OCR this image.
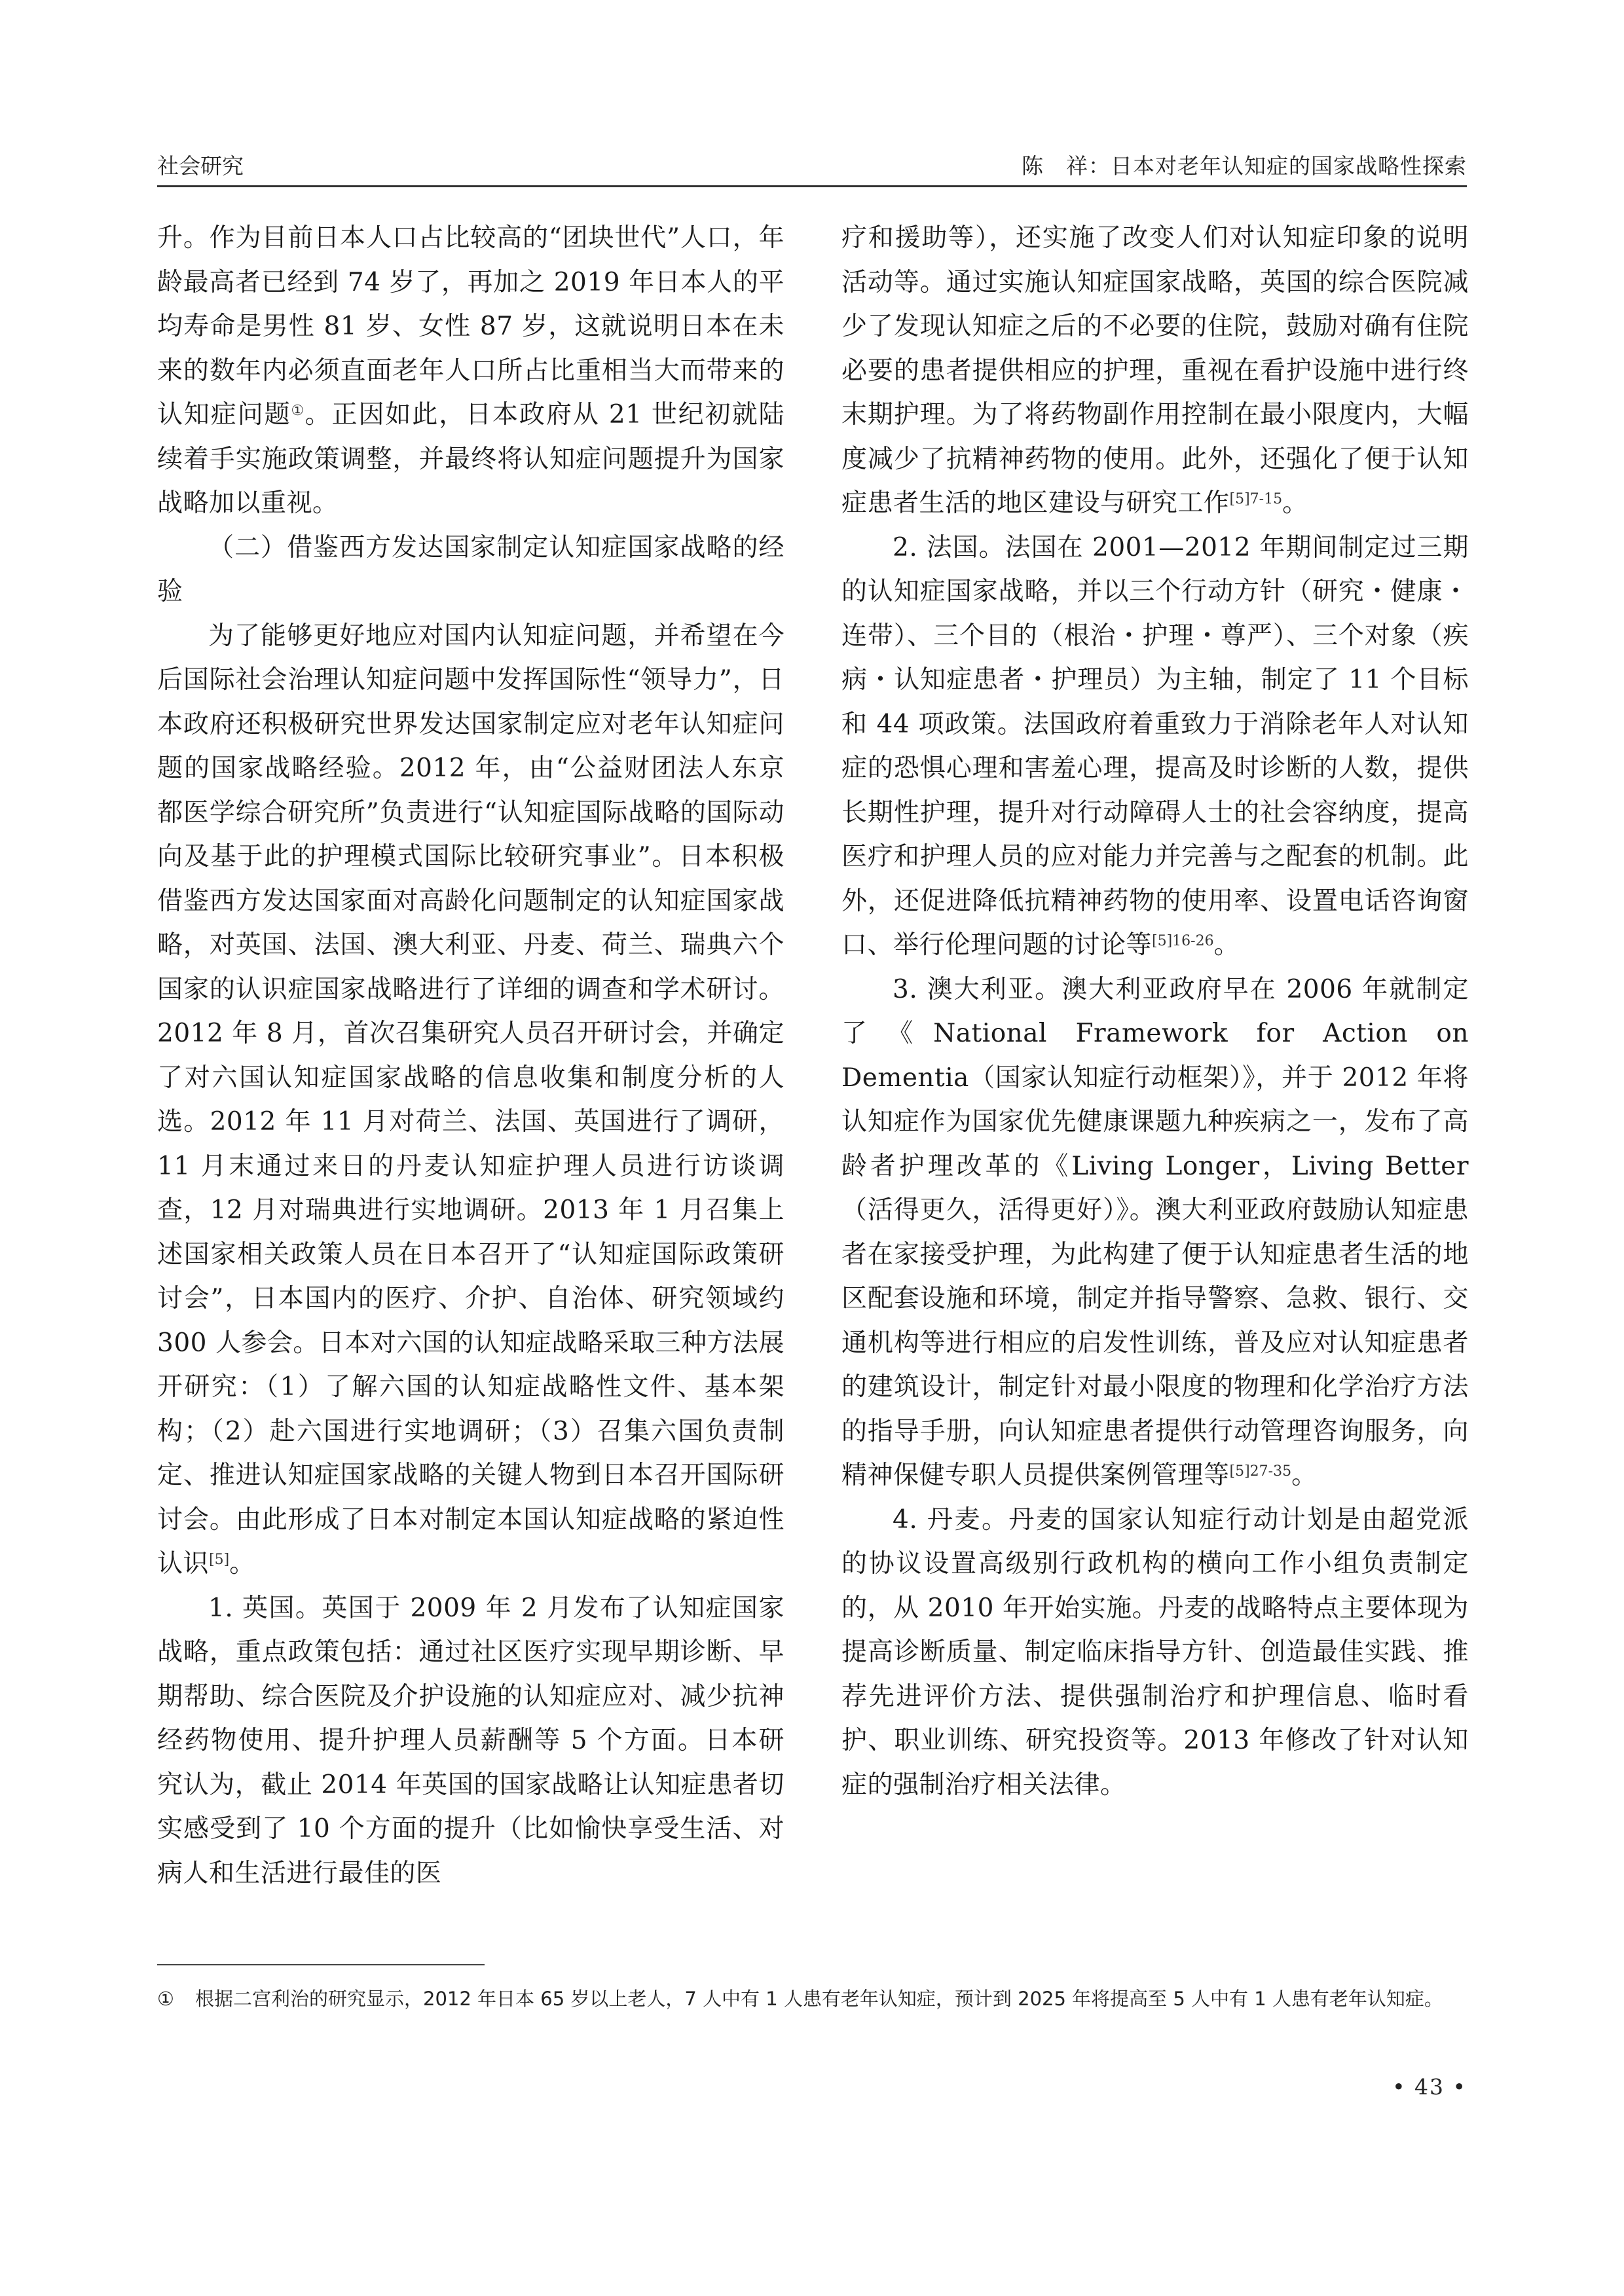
社会研究	陈　祥：日本对老年认知症的国家战略性探索

升。作为目前日本人口占比较高的“团块世代”人口，年龄最高者已经到 74 岁了，再加之 2019 年日本人的平均寿命是男性 81 岁、女性 87 岁，这就说明日本在未来的数年内必须直面老年人口所占比重相当大而带来的认知症问题①。正因如此，日本政府从 21 世纪初就陆续着手实施政策调整，并最终将认知症问题提升为国家战略加以重视。

（二）借鉴西方发达国家制定认知症国家战略的经验

为了能够更好地应对国内认知症问题，并希望在今后国际社会治理认知症问题中发挥国际性“领导力”，日本政府还积极研究世界发达国家制定应对老年认知症问题的国家战略经验。2012 年，由“公益财团法人东京都医学综合研究所”负责进行“认知症国际战略的国际动向及基于此的护理模式国际比较研究事业”。日本积极借鉴西方发达国家面对高龄化问题制定的认知症国家战略，对英国、法国、澳大利亚、丹麦、荷兰、瑞典六个国家的认识症国家战略进行了详细的调查和学术研讨。2012 年 8 月，首次召集研究人员召开研讨会，并确定了对六国认知症国家战略的信息收集和制度分析的人选。2012 年 11 月对荷兰、法国、英国进行了调研，11 月末通过来日的丹麦认知症护理人员进行访谈调查，12 月对瑞典进行实地调研。2013 年 1 月召集上述国家相关政策人员在日本召开了“认知症国际政策研讨会”，日本国内的医疗、介护、自治体、研究领域约 300 人参会。日本对六国的认知症战略采取三种方法展开研究：（1）了解六国的认知症战略性文件、基本架构；（2）赴六国进行实地调研；（3）召集六国负责制定、推进认知症国家战略的关键人物到日本召开国际研讨会。由此形成了日本对制定本国认知症战略的紧迫性认识[5]。

1. 英国。英国于 2009 年 2 月发布了认知症国家战略，重点政策包括：通过社区医疗实现早期诊断、早期帮助、综合医院及介护设施的认知症应对、减少抗神经药物使用、提升护理人员薪酬等 5 个方面。日本研究认为，截止 2014 年英国的国家战略让认知症患者切实感受到了 10 个方面的提升（比如愉快享受生活、对病人和生活进行最佳的医

疗和援助等），还实施了改变人们对认知症印象的说明活动等。通过实施认知症国家战略，英国的综合医院减少了发现认知症之后的不必要的住院，鼓励对确有住院必要的患者提供相应的护理，重视在看护设施中进行终末期护理。为了将药物副作用控制在最小限度内，大幅度减少了抗精神药物的使用。此外，还强化了便于认知症患者生活的地区建设与研究工作$^{[5]7-15}$。

2. 法国。法国在 2001—2012 年期间制定过三期的认知症国家战略，并以三个行动方针（研究・健康・连带）、三个目的（根治・护理・尊严）、三个对象（疾病・认知症患者・护理员）为主轴，制定了 11 个目标和 44 项政策。法国政府着重致力于消除老年人对认知症的恐惧心理和害羞心理，提高及时诊断的人数，提供长期性护理，提升对行动障碍人士的社会容纳度，提高医疗和护理人员的应对能力并完善与之配套的机制。此外，还促进降低抗精神药物的使用率、设置电话咨询窗口、举行伦理问题的讨论等$^{[5]16-26}$。

3. 澳大利亚。澳大利亚政府早在 2006 年就制定了《National Framework for Action on Dementia（国家认知症行动框架）》，并于 2012 年将认知症作为国家优先健康课题九种疾病之一，发布了高龄者护理改革的《Living Longer，Living Better（活得更久，活得更好）》。澳大利亚政府鼓励认知症患者在家接受护理，为此构建了便于认知症患者生活的地区配套设施和环境，制定并指导警察、急救、银行、交通机构等进行相应的启发性训练，普及应对认知症患者的建筑设计，制定针对最小限度的物理和化学治疗方法的指导手册，向认知症患者提供行动管理咨询服务，向精神保健专职人员提供案例管理等$^{[5]27-35}$。

4. 丹麦。丹麦的国家认知症行动计划是由超党派的协议设置高级别行政机构的横向工作小组负责制定的，从 2010 年开始实施。丹麦的战略特点主要体现为提高诊断质量、制定临床指导方针、创造最佳实践、推荐先进评价方法、提供强制治疗和护理信息、临时看护、职业训练、研究投资等。2013 年修改了针对认知症的强制治疗相关法律。

① 根据二宫利治的研究显示，2012 年日本 65 岁以上老人，7 人中有 1 人患有老年认知症，预计到 2025 年将提高至 5 人中有 1 人患有老年认知症。
• 43 •
